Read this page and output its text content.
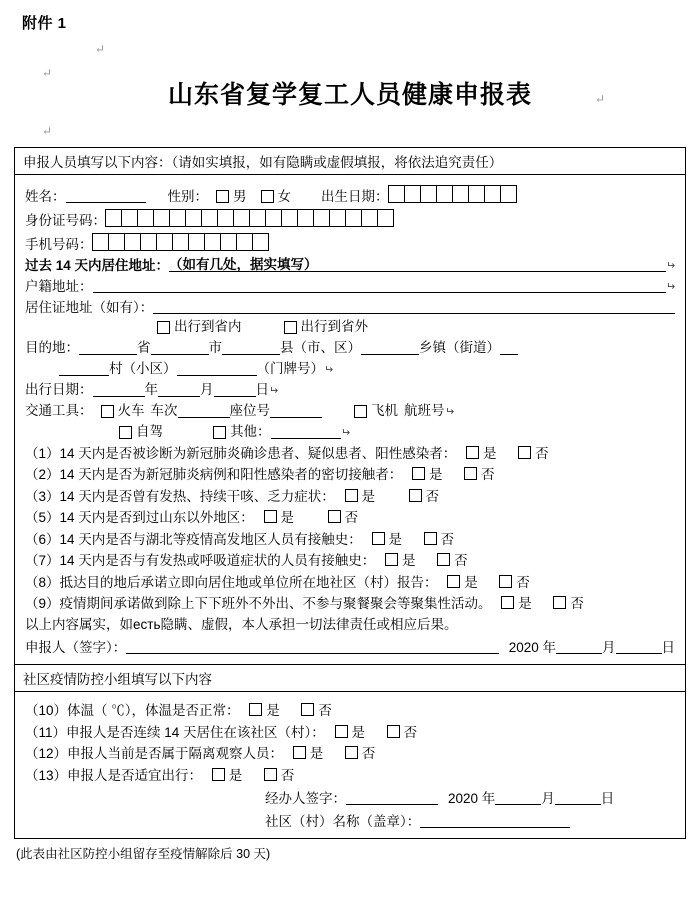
附件 1
↵
↵
山东省复学复工人员健康申报表	↵
↵
申报人员填写以下内容：（请如实填报，如有隐瞒或虚假填报，将依法追究责任）
姓名：	性别： 男 女 出生日期：
身份证号码：
手机号码：
过去 14 天内居住地址： （如有几处，据实填写）	↵
户籍地址：	↵
居住证地址（如有）：
出行到省内	出行到省外
目的地：	省	市	县（市、区）	乡镇（街道）
村（小区）	（门牌号） ↵
出行日期：	年	月	日 ↵
交通工具： 火车 车次	座位号	飞机 航班号 ↵
自驾	其他：	↵
（1）14 天内是否被诊断为新冠肺炎确诊患者、疑似患者、阳性感染者： 是	否
（2）14 天内是否为新冠肺炎病例和阳性感染者的密切接触者： 是	否
（3）14 天内是否曾有发热、持续干咳、乏力症状： 是	否
（5）14 天内是否到过山东以外地区： 是	否
（6）14 天内是否与湖北等疫情高发地区人员有接触史： 是	否
（7）14 天内是否与有发热或呼吸道症状的人员有接触史： 是	否
（8）抵达目的地后承诺立即向居住地或单位所在地社区（村）报告： 是	否
（9）疫情期间承诺做到除上下下班外不外出、不参与聚餐聚会等聚集性活动。 是	否
以上内容属实，如есть隐瞒、虚假，本人承担一切法律责任或相应后果。
申报人（签字）：	2020 年	月	日
社区疫情防控小组填写以下内容
（10）体温（ ℃），体温是否正常： 是	否
（11）申报人是否连续 14 天居住在该社区（村）： 是	否
（12）申报人当前是否属于隔离观察人员： 是	否
（13）申报人是否适宜出行： 是	否
经办人签字：	2020 年	月	日
社区（村）名称（盖章）：
(此表由社区防控小组留存至疫情解除后 30 天)
